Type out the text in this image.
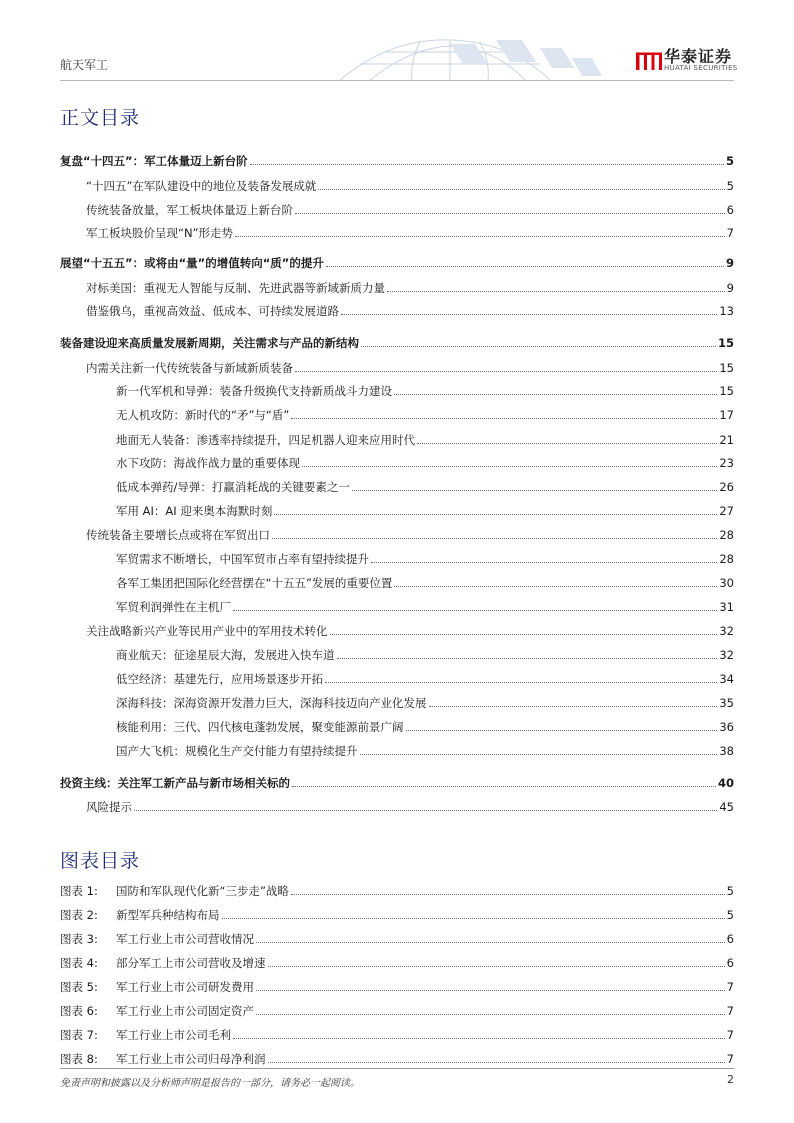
航天军工	华泰证券
HUATAI SECURITIES
正文目录
复盘“十四五”：军工体量迈上新台阶	5
“十四五”在军队建设中的地位及装备发展成就	5
传统装备放量，军工板块体量迈上新台阶	6
军工板块股价呈现“N”形走势	7
展望“十五五”：或将由“量”的增值转向“质”的提升	9
对标美国：重视无人智能与反制、先进武器等新域新质力量	9
借鉴俄乌，重视高效益、低成本、可持续发展道路	13
装备建设迎来高质量发展新周期，关注需求与产品的新结构	15
内需关注新一代传统装备与新域新质装备	15
新一代军机和导弹：装备升级换代支持新质战斗力建设	15
无人机攻防：新时代的“矛”与“盾”	17
地面无人装备：渗透率持续提升，四足机器人迎来应用时代	21
水下攻防：海战作战力量的重要体现	23
低成本弹药/导弹：打赢消耗战的关键要素之一	26
军用 AI：AI 迎来奥本海默时刻	27
传统装备主要增长点或将在军贸出口	28
军贸需求不断增长，中国军贸市占率有望持续提升	28
各军工集团把国际化经营摆在“十五五”发展的重要位置	30
军贸利润弹性在主机厂	31
关注战略新兴产业等民用产业中的军用技术转化	32
商业航天：征途星辰大海，发展进入快车道	32
低空经济：基建先行，应用场景逐步开拓	34
深海科技：深海资源开发潜力巨大，深海科技迈向产业化发展	35
核能利用：三代、四代核电蓬勃发展，聚变能源前景广阔	36
国产大飞机：规模化生产交付能力有望持续提升	38
投资主线：关注军工新产品与新市场相关标的	40
风险提示	45
图表目录
图表 1:	国防和军队现代化新“三步走”战略	5
图表 2:	新型军兵种结构布局	5
图表 3:	军工行业上市公司营收情况	6
图表 4:	部分军工上市公司营收及增速	6
图表 5:	军工行业上市公司研发费用	7
图表 6:	军工行业上市公司固定资产	7
图表 7:	军工行业上市公司毛利	7
图表 8:	军工行业上市公司归母净利润	7
免责声明和披露以及分析师声明是报告的一部分，请务必一起阅读。	2
